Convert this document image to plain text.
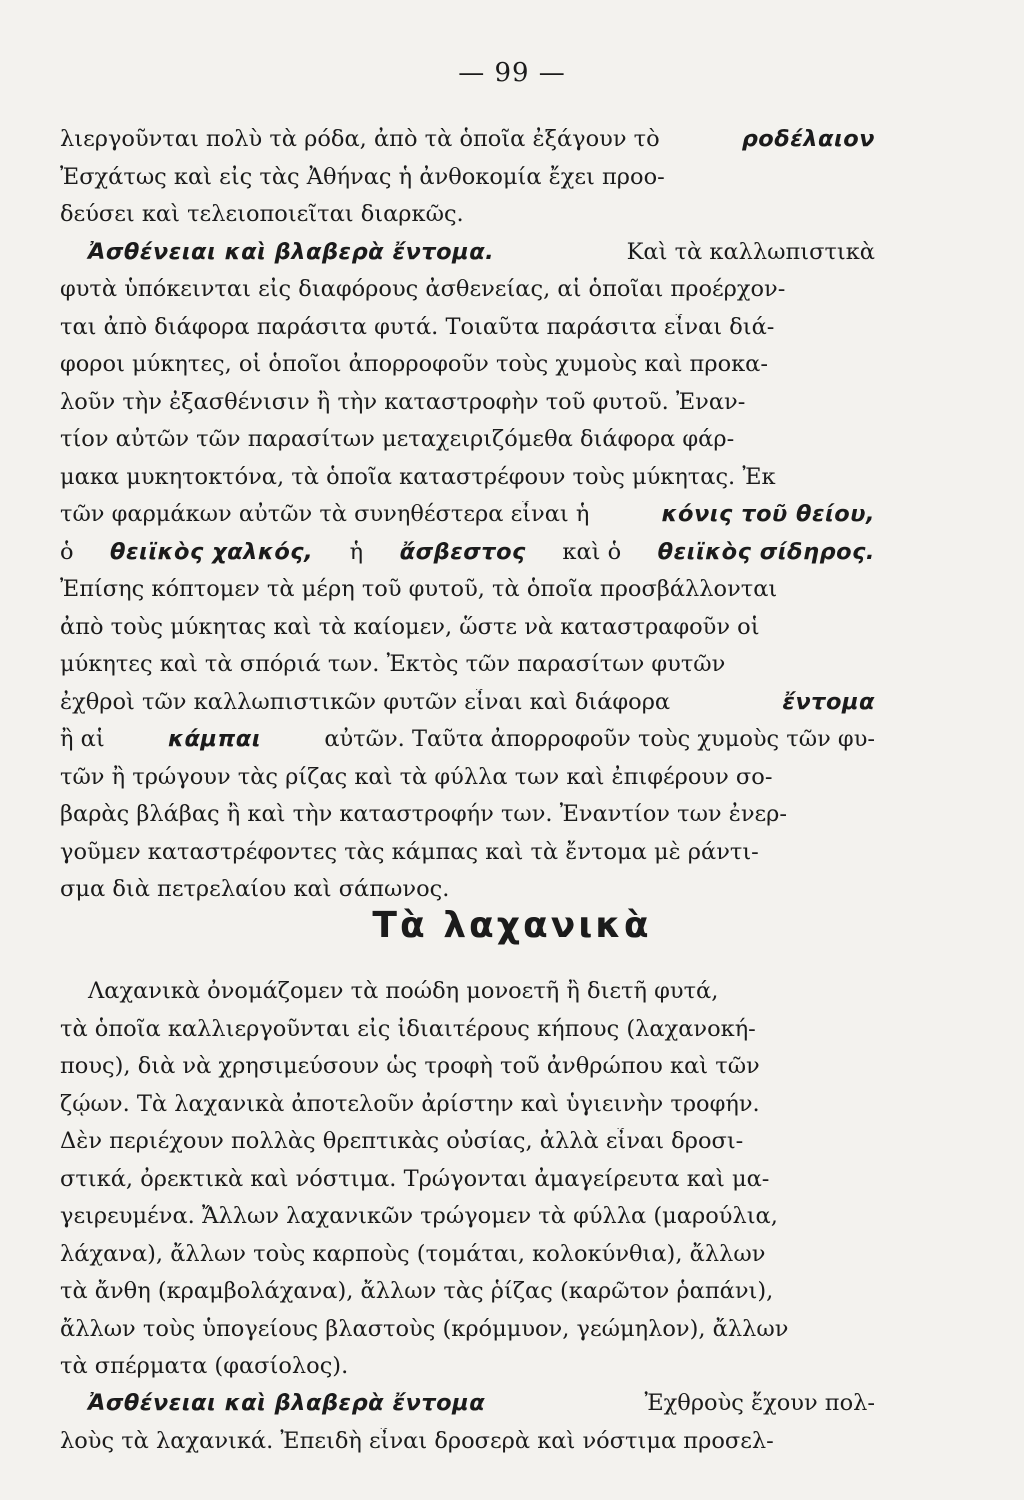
— 99 —
λιεργοῦνται πολὺ τὰ ρόδα, ἀπὸ τὰ ὁποῖα ἐξάγουν τὸ	ροδέλαιον
Ἐσχάτως καὶ εἰς τὰς Ἀθήνας ἡ ἀνθοκομία ἔχει προο-
δεύσει καὶ τελειοποιεῖται διαρκῶς.
Ἀσθένειαι καὶ βλαβερὰ ἔντομα.	Καὶ τὰ καλλωπιστικὰ
φυτὰ ὑπόκεινται εἰς διαφόρους ἀσθενείας, αἱ ὁποῖαι προέρχον-
ται ἀπὸ διάφορα παράσιτα φυτά. Τοιαῦτα παράσιτα εἶναι διά-
φοροι μύκητες, οἱ ὁποῖοι ἀπορροφοῦν τοὺς χυμοὺς καὶ προκα-
λοῦν τὴν ἐξασθένισιν ἢ τὴν καταστροφὴν τοῦ φυτοῦ. Ἐναν-
τίον αὐτῶν τῶν παρασίτων μεταχειριζόμεθα διάφορα φάρ-
μακα μυκητοκτόνα, τὰ ὁποῖα καταστρέφουν τοὺς μύκητας. Ἐκ
τῶν φαρμάκων αὐτῶν τὰ συνηθέστερα εἶναι ἡ	κόνις τοῦ θείου,
ὁ θειϊκὸς χαλκός, ἡ ἄσβεστος καὶ ὁ θειϊκὸς σίδηρος.
Ἐπίσης κόπτομεν τὰ μέρη τοῦ φυτοῦ, τὰ ὁποῖα προσβάλλονται
ἀπὸ τοὺς μύκητας καὶ τὰ καίομεν, ὥστε νὰ καταστραφοῦν οἱ
μύκητες καὶ τὰ σπόριά των. Ἐκτὸς τῶν παρασίτων φυτῶν
ἐχθροὶ τῶν καλλωπιστικῶν φυτῶν εἶναι καὶ διάφορα	ἔντομα
ἢ αἱ	κάμπαι	αὐτῶν. Ταῦτα ἀπορροφοῦν τοὺς χυμοὺς τῶν φυ-
τῶν ἢ τρώγουν τὰς ρίζας καὶ τὰ φύλλα των καὶ ἐπιφέρουν σο-
βαρὰς βλάβας ἢ καὶ τὴν καταστροφήν των. Ἐναντίον των ἐνερ-
γοῦμεν καταστρέφοντες τὰς κάμπας καὶ τὰ ἔντομα μὲ ράντι-
σμα διὰ πετρελαίου καὶ σάπωνος.
Τὰ λαχανικὰ
Λαχανικὰ ὀνομάζομεν τὰ ποώδη μονοετῆ ἢ διετῆ φυτά,
τὰ ὁποῖα καλλιεργοῦνται εἰς ἰδιαιτέρους κήπους (λαχανοκή-
πους), διὰ νὰ χρησιμεύσουν ὡς τροφὴ τοῦ ἀνθρώπου καὶ τῶν
ζῴων. Τὰ λαχανικὰ ἀποτελοῦν ἀρίστην καὶ ὑγιεινὴν τροφήν.
Δὲν περιέχουν πολλὰς θρεπτικὰς οὐσίας, ἀλλὰ εἶναι δροσι-
στικά, ὀρεκτικὰ καὶ νόστιμα. Τρώγονται ἀμαγείρευτα καὶ μα-
γειρευμένα. Ἄλλων λαχανικῶν τρώγομεν τὰ φύλλα (μαρούλια,
λάχανα), ἄλλων τοὺς καρποὺς (τομάται, κολοκύνθια), ἄλλων
τὰ ἄνθη (κραμβολάχανα), ἄλλων τὰς ῥίζας (καρῶτον ῥαπάνι),
ἄλλων τοὺς ὑπογείους βλαστοὺς (κρόμμυον, γεώμηλον), ἄλλων
τὰ σπέρματα (φασίολος).
Ἀσθένειαι καὶ βλαβερὰ ἔντομα	Ἐχθροὺς ἔχουν πολ-
λοὺς τὰ λαχανικά. Ἐπειδὴ εἶναι δροσερὰ καὶ νόστιμα προσελ-
